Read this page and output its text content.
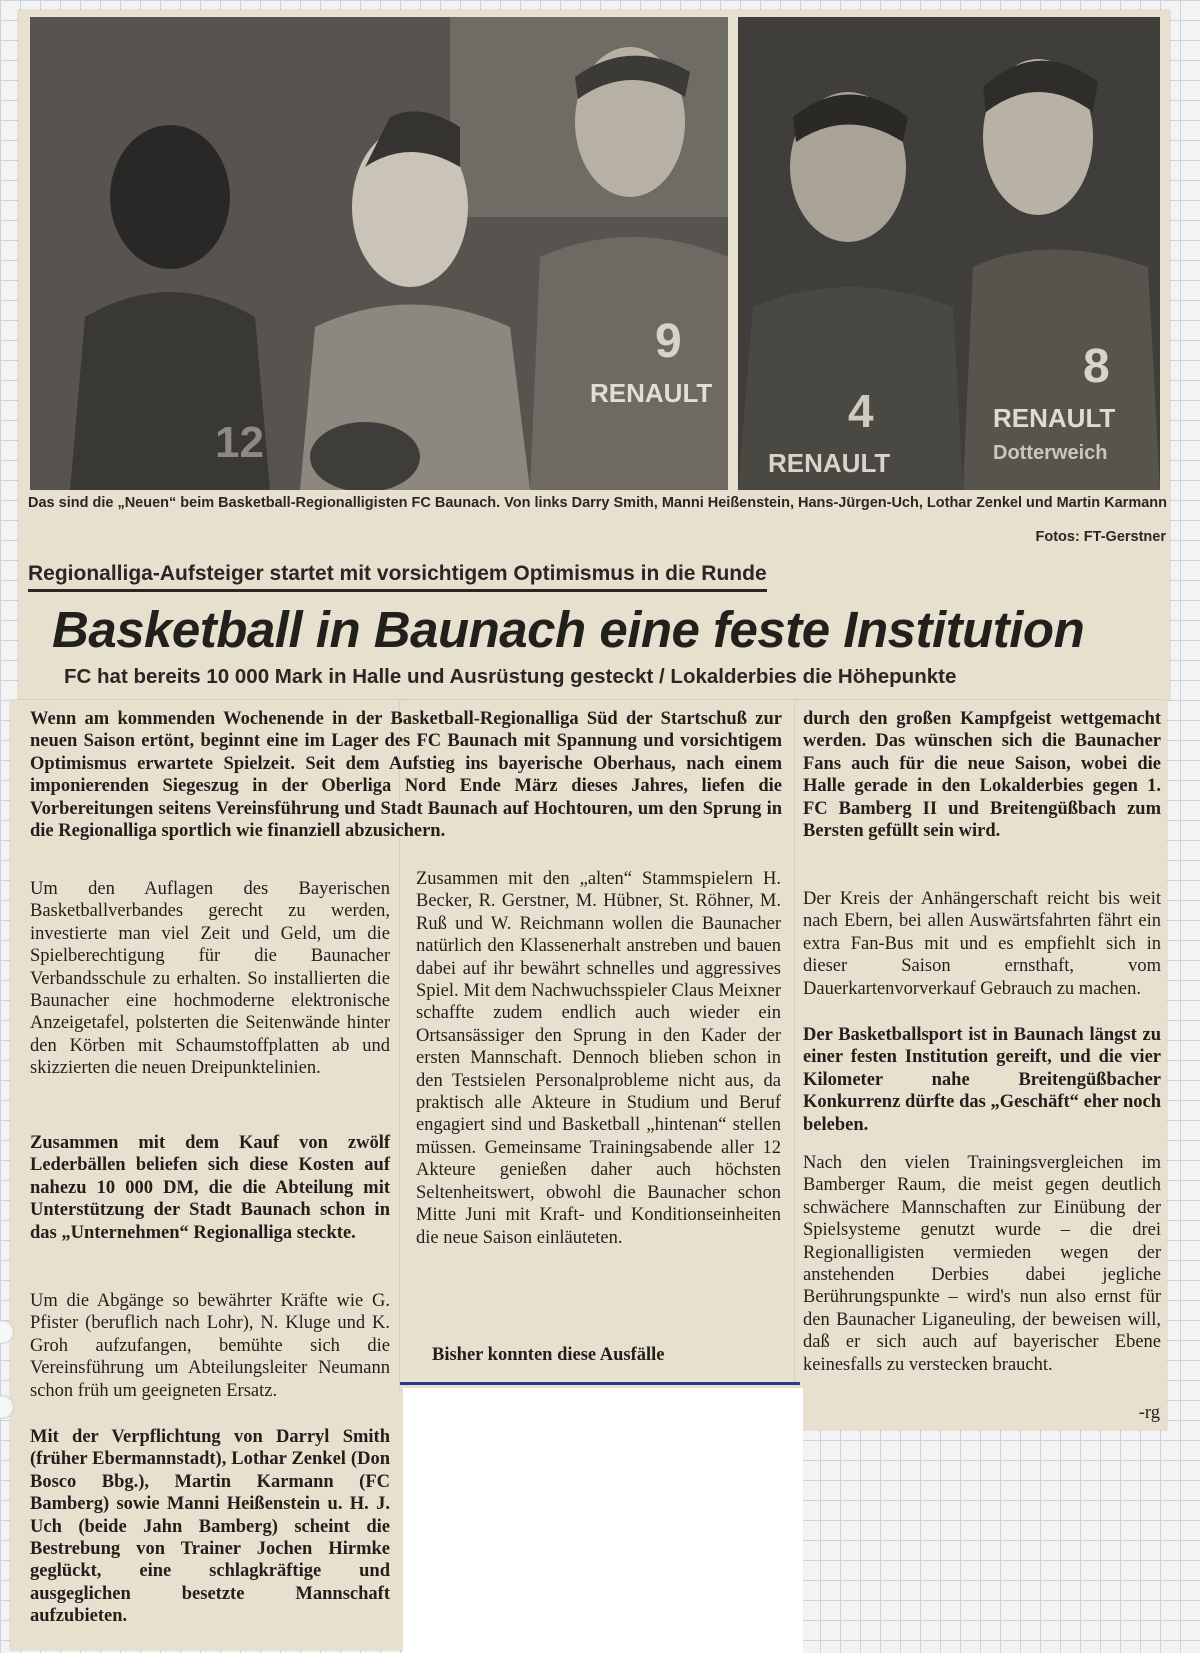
12
9
RENAULT	4
RENAULT
8
RENAULT
Dotterweich
Das sind die „Neuen“ beim Basketball-Regionalligisten FC Baunach. Von links Darry Smith, Manni Heißenstein, Hans-Jürgen-Uch, Lothar Zenkel und Martin Karmann
Fotos: FT-Gerstner
Regionalliga-Aufsteiger startet mit vorsichtigem Optimismus in die Runde
Basketball in Baunach eine feste Institution
FC hat bereits 10 000 Mark in Halle und Ausrüstung gesteckt / Lokalderbies die Höhepunkte
Wenn am kommenden Wochenende in der Basketball-Regionalliga Süd der Startschuß zur neuen Saison ertönt, beginnt eine im Lager des FC Baunach mit Spannung und vorsichtigem Optimismus erwartete Spielzeit. Seit dem Aufstieg ins bayerische Oberhaus, nach einem imponierenden Siegeszug in der Oberliga Nord Ende März dieses Jahres, liefen die Vorbereitungen seitens Vereinsführung und Stadt Baunach auf Hochtouren, um den Sprung in die Regionalliga sportlich wie finanziell abzusichern.
Um den Auflagen des Bayerischen Basketballverbandes gerecht zu werden, investierte man viel Zeit und Geld, um die Spielberechtigung für die Baunacher Verbandsschule zu erhalten. So installierten die Baunacher eine hochmoderne elektronische Anzeigetafel, polsterten die Seitenwände hinter den Körben mit Schaumstoffplatten ab und skizzierten die neuen Dreipunktelinien.
Zusammen mit dem Kauf von zwölf Lederbällen beliefen sich diese Kosten auf nahezu 10 000 DM, die die Abteilung mit Unterstützung der Stadt Baunach schon in das „Unternehmen“ Regionalliga steckte.
Um die Abgänge so bewährter Kräfte wie G. Pfister (beruflich nach Lohr), N. Kluge und K. Groh aufzufangen, bemühte sich die Vereinsführung um Abteilungsleiter Neumann schon früh um geeigneten Ersatz.
Mit der Verpflichtung von Darryl Smith (früher Ebermannstadt), Lothar Zenkel (Don Bosco Bbg.), Martin Karmann (FC Bamberg) sowie Manni Heißenstein u. H. J. Uch (beide Jahn Bamberg) scheint die Bestrebung von Trainer Jochen Hirmke geglückt, eine schlagkräftige und ausgeglichen besetzte Mannschaft aufzubieten.
Zusammen mit den „alten“ Stammspielern H. Becker, R. Gerstner, M. Hübner, St. Röhner, M. Ruß und W. Reichmann wollen die Baunacher natürlich den Klassenerhalt anstreben und bauen dabei auf ihr bewährt schnelles und aggressives Spiel. Mit dem Nachwuchsspieler Claus Meixner schaffte zudem endlich auch wieder ein Ortsansässiger den Sprung in den Kader der ersten Mannschaft. Dennoch blieben schon in den Testsielen Personalprobleme nicht aus, da praktisch alle Akteure in Studium und Beruf engagiert sind und Basketball „hintenan“ stellen müssen. Gemeinsame Trainingsabende aller 12 Akteure genießen daher auch höchsten Seltenheitswert, obwohl die Baunacher schon Mitte Juni mit Kraft- und Konditionseinheiten die neue Saison einläuteten.
Bisher konnten diese Ausfälle
durch den großen Kampfgeist wettgemacht werden. Das wünschen sich die Baunacher Fans auch für die neue Saison, wobei die Halle gerade in den Lokalderbies gegen 1. FC Bamberg II und Breitengüßbach zum Bersten gefüllt sein wird.
Der Kreis der Anhängerschaft reicht bis weit nach Ebern, bei allen Auswärtsfahrten fährt ein extra Fan-Bus mit und es empfiehlt sich in dieser Saison ernsthaft, vom Dauerkartenvorverkauf Gebrauch zu machen.
Der Basketballsport ist in Baunach längst zu einer festen Institution gereift, und die vier Kilometer nahe Breitengüßbacher Konkurrenz dürfte das „Geschäft“ eher noch beleben.
Nach den vielen Trainingsvergleichen im Bamberger Raum, die meist gegen deutlich schwächere Mannschaften zur Einübung der Spielsysteme genutzt wurde – die drei Regionalligisten vermieden wegen der anstehenden Derbies dabei jegliche Berührungspunkte – wird's nun also ernst für den Baunacher Liganeuling, der beweisen will, daß er sich auch auf bayerischer Ebene keinesfalls zu verstecken braucht.
-rg
